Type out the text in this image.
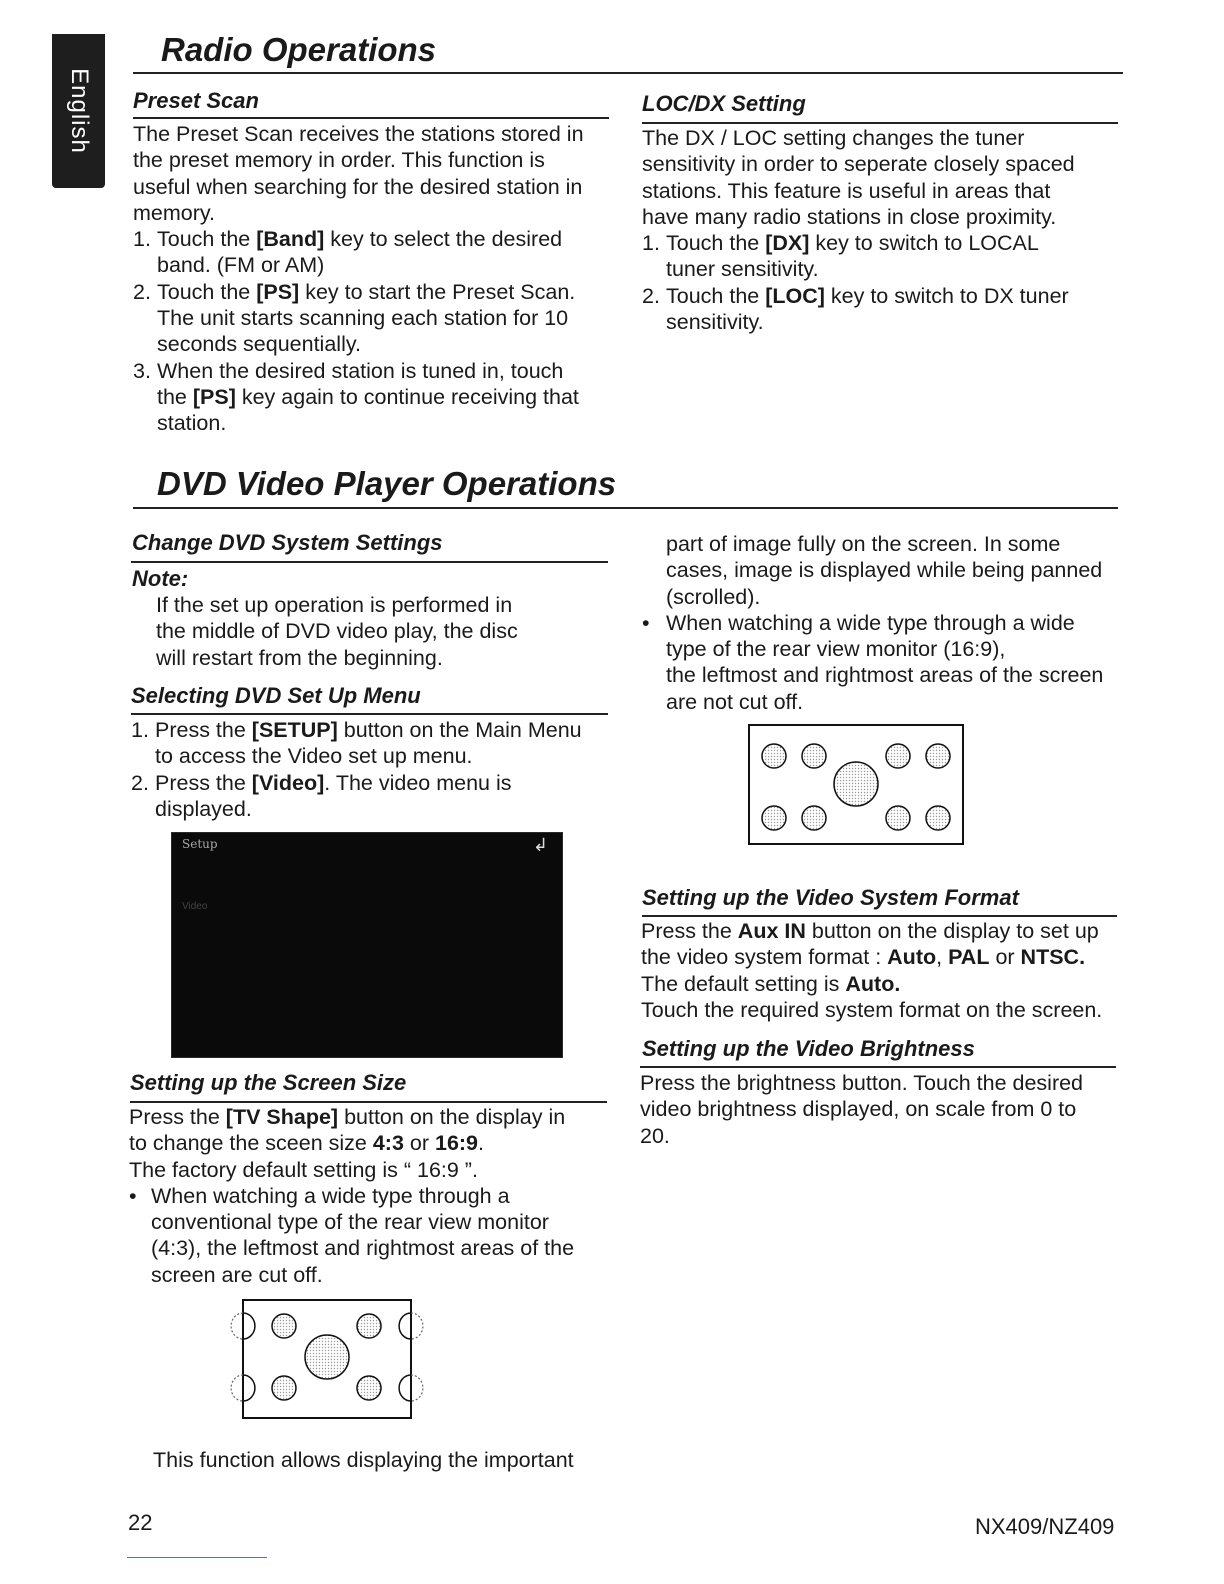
English
Radio Operations
Preset Scan
The Preset Scan receives the stations stored in
the preset memory in order. This function is
useful when searching for the desired station in
memory.
1. Touch the [Band] key to select the desired
band. (FM or AM)
2. Touch the [PS] key to start the Preset Scan.
The unit starts scanning each station for 10
seconds sequentially.
3. When the desired station is tuned in, touch
the [PS] key again to continue receiving that
station.
LOC/DX Setting
The DX / LOC setting changes the tuner
sensitivity in order to seperate closely spaced
stations. This feature is useful in areas that
have many radio stations in close proximity.
1. Touch the [DX] key to switch to LOCAL
tuner sensitivity.
2. Touch the [LOC] key to switch to DX tuner
sensitivity.
DVD Video Player Operations
Change DVD System Settings
Note:
If the set up operation is performed in
the middle of DVD video play, the disc
will restart from the beginning.
Selecting DVD Set Up Menu
1. Press the [SETUP] button on the Main Menu
to access the Video set up menu.
2. Press the [Video]. The video menu is
displayed.
Setup
Video
↲
Setting up the Screen Size
Press the [TV Shape] button on the display in
to change the sceen size 4:3 or 16:9.
The factory default setting is “ 16:9 ”.
• When watching a wide type through a
conventional type of the rear view monitor
(4:3), the leftmost and rightmost areas of the
screen are cut off.
This function allows displaying the important
part of image fully on the screen. In some
cases, image is displayed while being panned
(scrolled).
• When watching a wide type through a wide
type of the rear view monitor (16:9),
the leftmost and rightmost areas of the screen
are not cut off.
Setting up the Video System Format
Press the Aux IN button on the display to set up
the video system format : Auto, PAL or NTSC.
The default setting is Auto.
Touch the required system format on the screen.
Setting up the Video Brightness
Press the brightness button. Touch the desired
video brightness displayed, on scale from 0 to
20.
22	NX409/NZ409
